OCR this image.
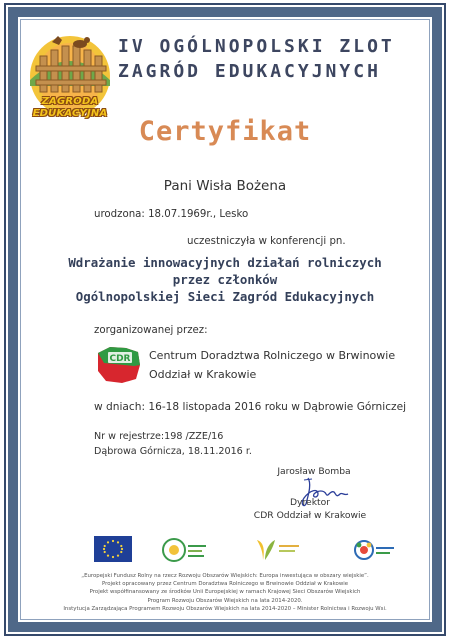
ZAGRODA
EDUKACYJNA
IV OGÓLNOPOLSKI ZLOT
ZAGRÓD EDUKACYJNYCH
Certyfikat
Pani Wisła Bożena
urodzona: 18.07.1969r., Lesko
uczestniczyła w konferencji pn.
Wdrażanie innowacyjnych działań rolniczych
przez członków
Ogólnopolskiej Sieci Zagród Edukacyjnych
zorganizowanej przez:
CDR Centrum Doradztwa Rolniczego w Brwinowie
Oddział w Krakowie
w dniach: 16-18 listopada 2016 roku w Dąbrowie Górniczej
Nr w rejestrze:198 /ZZE/16
Dąbrowa Górnicza, 18.11.2016 r.
Jarosław Bomba
Dyrektor
CDR Oddział w Krakowie
„Europejski Fundusz Rolny na rzecz Rozwoju Obszarów Wiejskich: Europa inwestująca w obszary wiejskie”.
Projekt opracowany przez Centrum Doradztwa Rolniczego w Brwinowie Oddział w Krakowie
Projekt współfinansowany ze środków Unii Europejskiej w ramach Krajowej Sieci Obszarów Wiejskich
Program Rozwoju Obszarów Wiejskich na lata 2014-2020.
Instytucja Zarządzająca Programem Rozwoju Obszarów Wiejskich na lata 2014-2020 – Minister Rolnictwa i Rozwoju Wsi.
